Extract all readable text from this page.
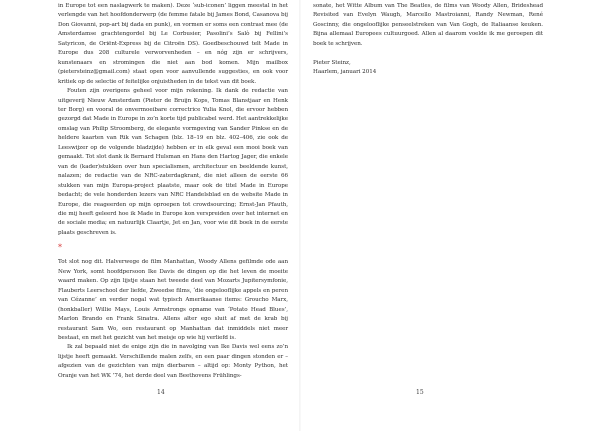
in Europe tot een naslagwerk te maken). Deze ‘sub-iconen’ liggen meestal in het verlengde van het hoofdonderwerp (de femme fatale bij James Bond, Casanova bij Don Giovanni, pop-art bij dada en punk), en vormen er soms een contrast mee (de Amsterdamse grachtengordel bij Le Corbusier, Pasolini’s Salò bij Fellini’s Satyricon, de Oriënt-Express bij de Citroën DS). Goedbeschouwd telt Made in Europe dus 208 culturele verworvenheden – en nóg zijn er schrijvers, kunstenaars en stromingen die niet aan bod komen. Mijn mailbox (pietersteinz@gmail.com) staat open voor aanvullende suggesties, en ook voor kritiek op de selectie of feitelijke onjuistheden in de tekst van dit boek.

Fouten zijn overigens geheel voor mijn rekening. Ik dank de redactie van uitgeverij Nieuw Amsterdam (Pieter de Bruijn Kops, Tomas Blanstjaar en Henk ter Borg) en vooral de onvermoeibare correctrice Yulia Knol, die ervoor hebben gezorgd dat Made in Europe in zo’n korte tijd publicabel werd. Het aantrekkelijke omslag van Philip Stroomberg, de elegante vormgeving van Sander Pinkse en de heldere kaarten van Rik van Schagen (blz. 18–19 en blz. 402–406, zie ook de Leeswijzer op de volgende bladzijde) hebben er in elk geval een mooi boek van gemaakt. Tot slot dank ik Bernard Hulsman en Hans den Hartog Jager, die enkele van de (kader)stukken over hun specialismen, architectuur en beeldende kunst, nalazen; de redactie van de NRC-zaterdagkrant, die niet alleen de eerste 66 stukken van mijn Europa-project plaatste, maar ook de titel Made in Europe bedacht; de vele honderden lezers van NRC Handelsblad en de website Made in Europe, die reageerden op mijn oproepen tot crowdsourcing; Ernst-Jan Pfauth, die mij heeft geleerd hoe ik Made in Europe kon verspreiden over het internet en de sociale media; en natuurlijk Claartje, Jet en Jan, voor wie dit boek in de eerste plaats geschreven is.

*

Tot slot nog dit. Halverwege de film Manhattan, Woody Allens gefilmde ode aan New York, somt hoofdpersoon Ike Davis de dingen op die het leven de moeite waard maken. Op zijn lijstje staan het tweede deel van Mozarts Jupitersymfonie, Flauberts Leerschool der liefde, Zweedse films, ‘die ongelooflijke appels en peren van Cézanne’ en verder nogal wat typisch Amerikaanse items: Groucho Marx, (honkballer) Willie Mays, Louis Armstrongs opname van ‘Potato Head Blues’, Marlon Brando en Frank Sinatra. Allens alter ego sluit af met de krab bij restaurant Sam Wo, een restaurant op Manhattan dat inmiddels niet meer bestaat, en met het gezicht van het meisje op wie hij verliefd is.

Ik zal bepaald niet de enige zijn die in navolging van Ike Davis wel eens zo’n lijstje heeft gemaakt. Verschillende malen zelfs, en een paar dingen stonden er – afgezien van de gezichten van mijn dierbaren – altijd op: Monty Python, het Oranje van het WK ’74, het derde deel van Beethovens Frühlings-

14

sonate, het Witte Album van The Beatles, de films van Woody Allen, Brideshead Revisited van Evelyn Waugh, Marcello Mastroianni, Randy Newman, René Goscinny, die ongelooflijke penseelstreken van Van Gogh, de Italiaanse keuken. Bijna allemaal Europees cultuurgoed. Allen al daarom voelde ik me geroepen dit boek te schrijven.

Pieter Steinz,
Haarlem, januari 2014
15
